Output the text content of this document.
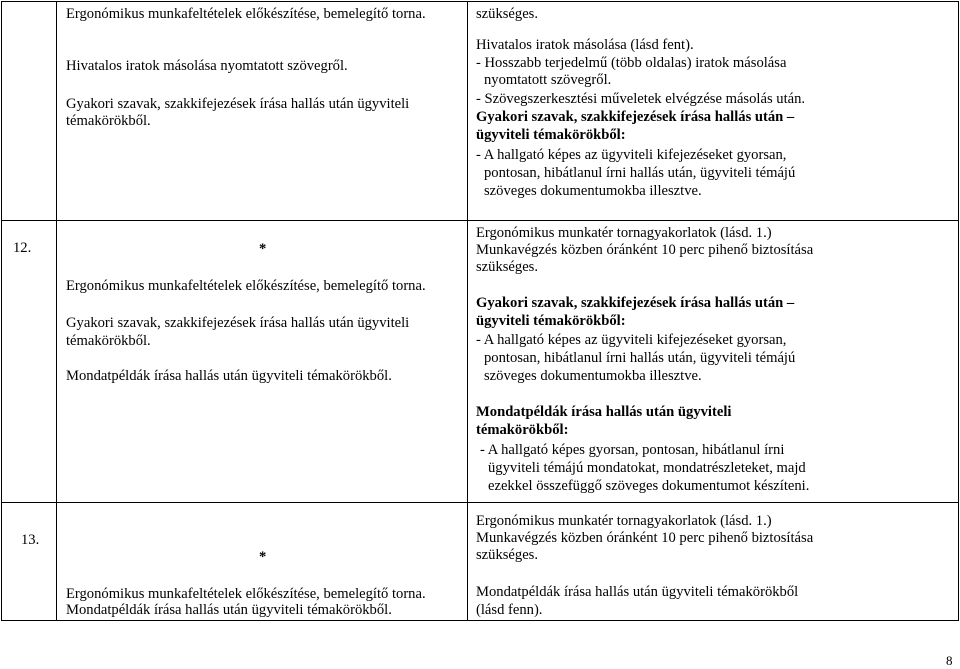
Ergonómikus munkafeltételek előkészítése, bemelegítő torna.
Hivatalos iratok másolása nyomtatott szövegről.
Gyakori szavak, szakkifejezések írása hallás után ügyviteli
témakörökből.
szükséges.
Hivatalos iratok másolása (lásd fent).
- Hosszabb terjedelmű (több oldalas) iratok másolása
nyomtatott szövegről.
- Szövegszerkesztési műveletek elvégzése másolás után.
Gyakori szavak, szakkifejezések írása hallás után –
ügyviteli témakörökből:
- A hallgató képes az ügyviteli kifejezéseket gyorsan,
pontosan, hibátlanul írni hallás után, ügyviteli témájú
szöveges dokumentumokba illesztve.
12.	*
Ergonómikus munkafeltételek előkészítése, bemelegítő torna.
Gyakori szavak, szakkifejezések írása hallás után ügyviteli
témakörökből.
Mondatpéldák írása hallás után ügyviteli témakörökből.
Ergonómikus munkatér tornagyakorlatok (lásd. 1.)
Munkavégzés közben óránként 10 perc pihenő biztosítása
szükséges.
Gyakori szavak, szakkifejezések írása hallás után –
ügyviteli témakörökből:
- A hallgató képes az ügyviteli kifejezéseket gyorsan,
pontosan, hibátlanul írni hallás után, ügyviteli témájú
szöveges dokumentumokba illesztve.
Mondatpéldák írása hallás után ügyviteli
témakörökből:
- A hallgató képes gyorsan, pontosan, hibátlanul írni
ügyviteli témájú mondatokat, mondatrészleteket, majd
ezekkel összefüggő szöveges dokumentumot készíteni.
13.
*
Ergonómikus munkafeltételek előkészítése, bemelegítő torna.
Mondatpéldák írása hallás után ügyviteli témakörökből.
Ergonómikus munkatér tornagyakorlatok (lásd. 1.)
Munkavégzés közben óránként 10 perc pihenő biztosítása
szükséges.
Mondatpéldák írása hallás után ügyviteli témakörökből
(lásd fenn).
8
